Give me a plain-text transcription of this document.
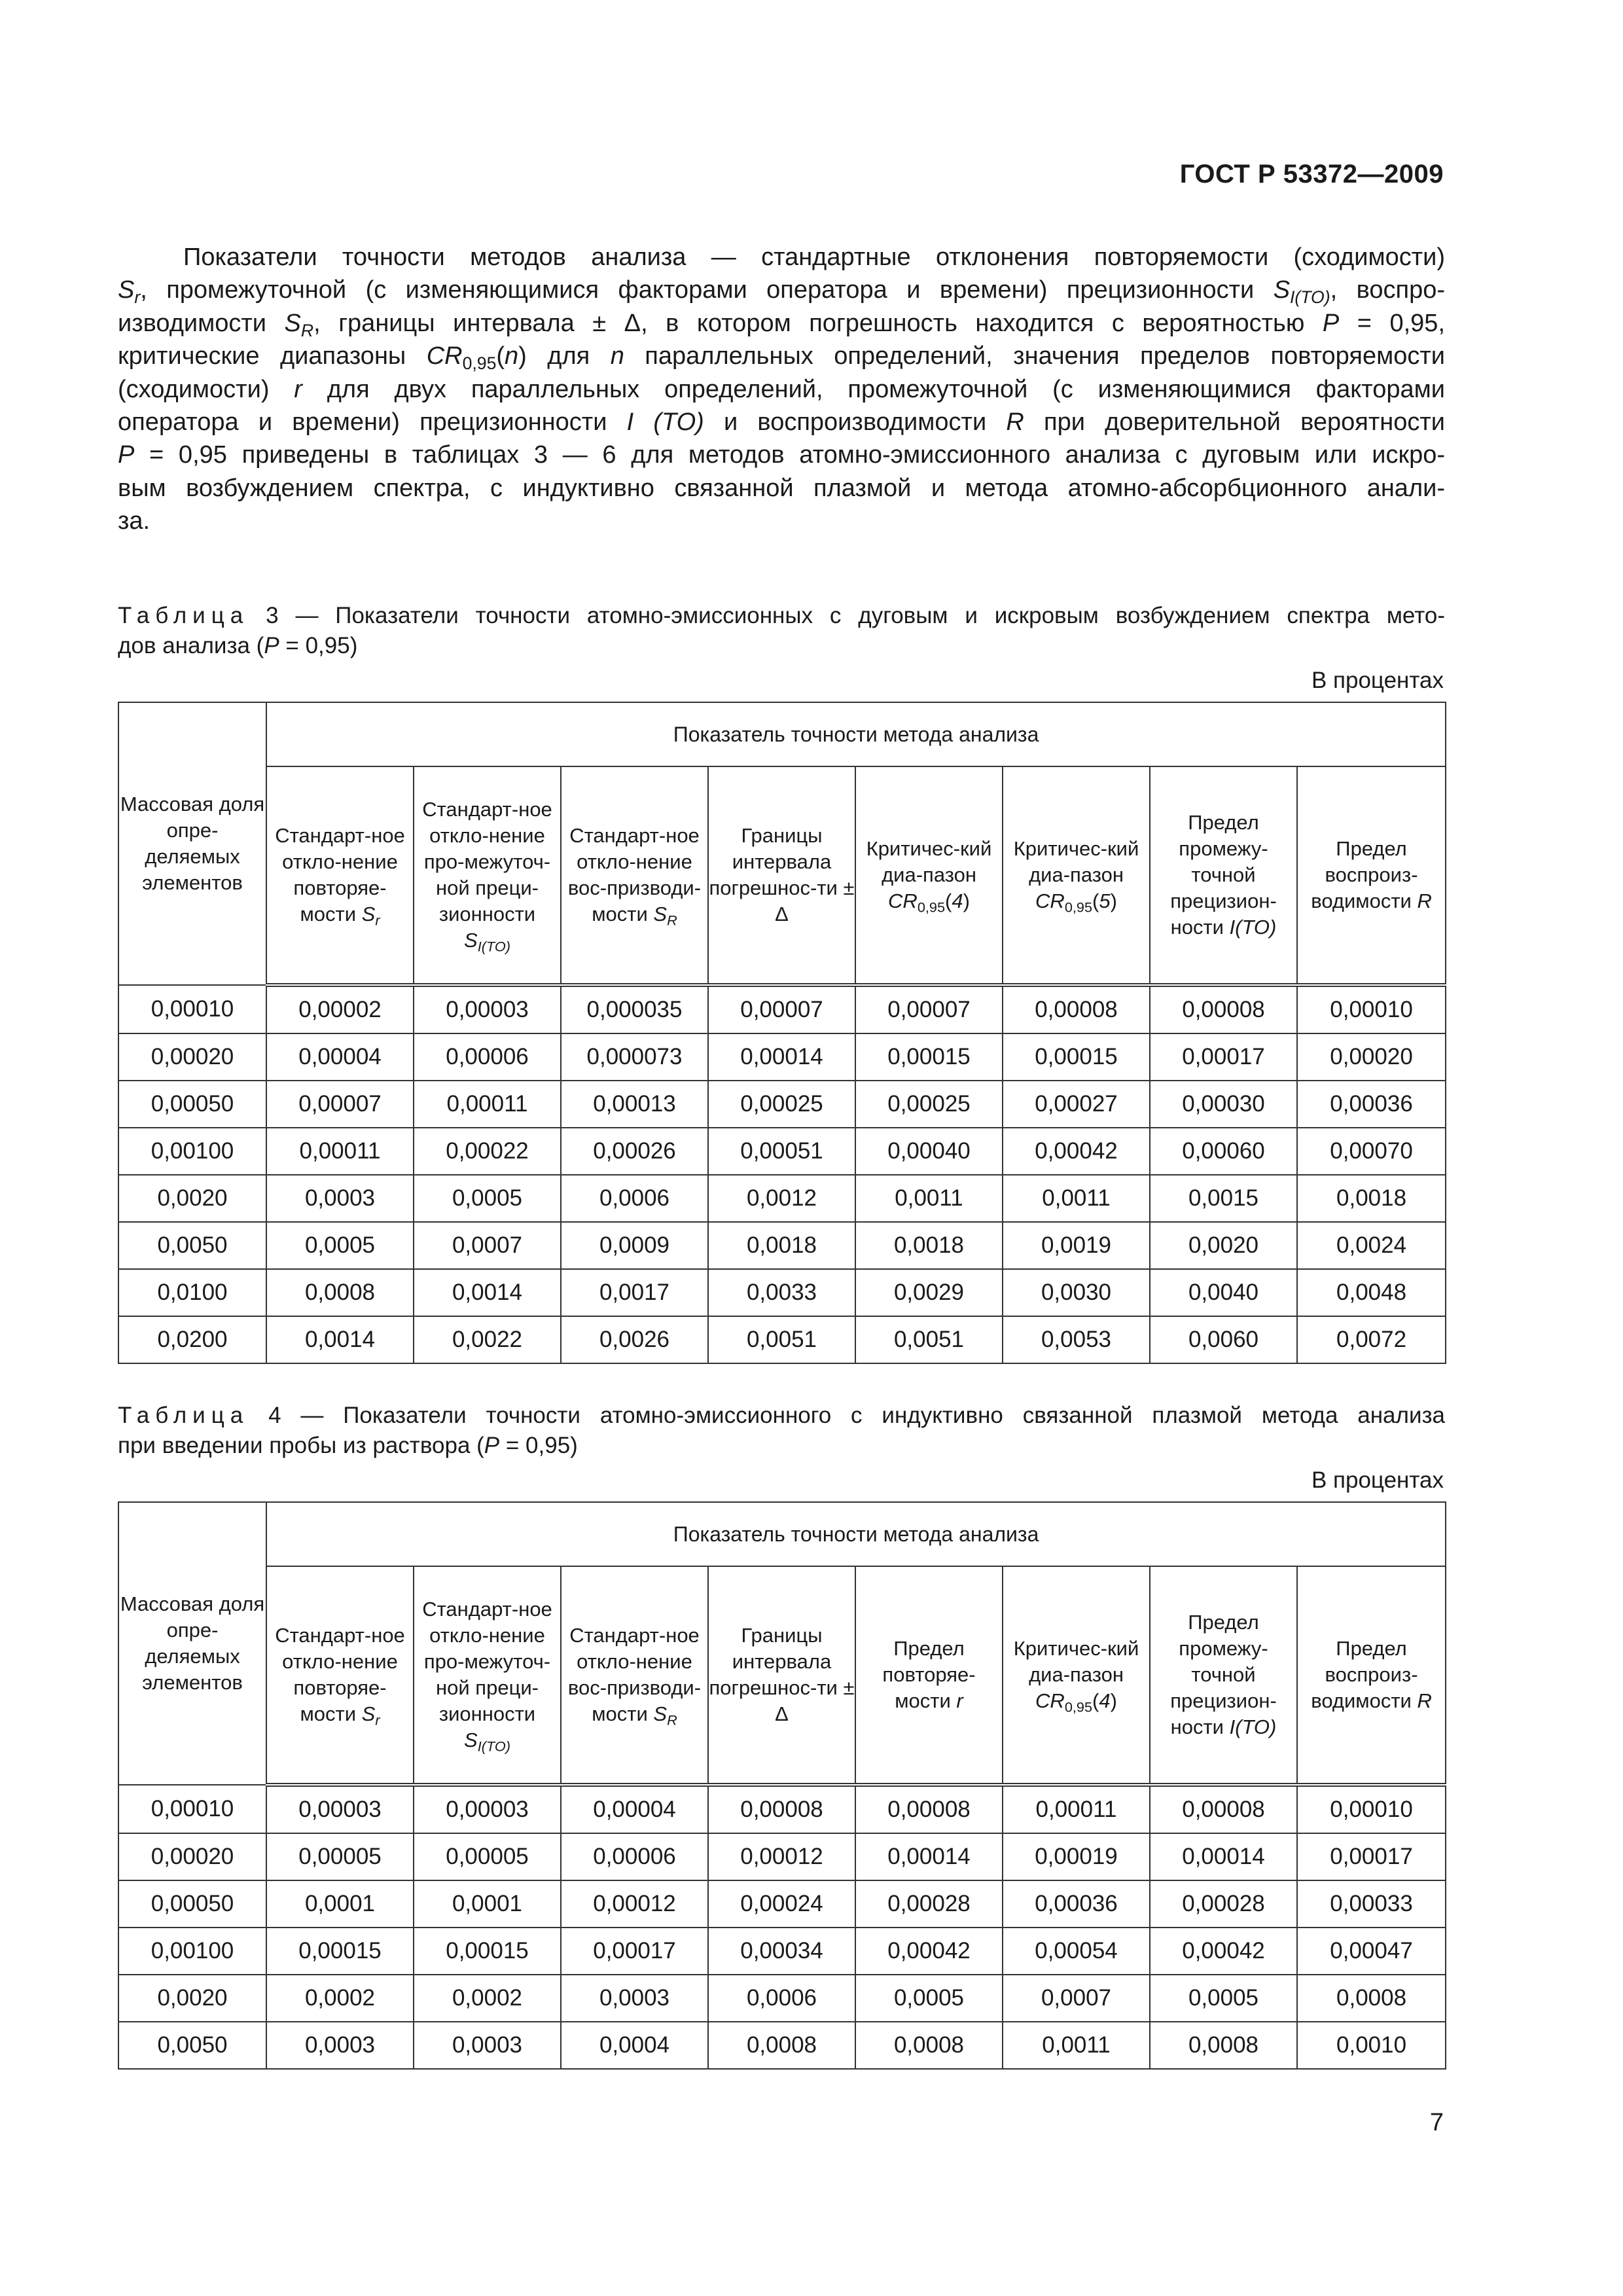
ГОСТ Р 53372—2009
Показатели точности методов анализа — стандартные отклонения повторяемости (сходимости)
$S_r$, промежуточной (с изменяющимися факторами оператора и времени) прецизионности $S_{I(TO)}$, воспро-
изводимости $S_R$, границы интервала ± Δ, в котором погрешность находится с вероятностью P = 0,95,
критические диапазоны $CR_{0,95}(n)$ для n параллельных определений, значения пределов повторяемости
(сходимости) r для двух параллельных определений, промежуточной (с изменяющимися факторами
оператора и времени) прецизионности I (TO) и воспроизводимости R при доверительной вероятности
P = 0,95 приведены в таблицах 3 — 6 для методов атомно-эмиссионного анализа с дуговым или искро-
вым возбуждением спектра, с индуктивно связанной плазмой и метода атомно-абсорбционного анали-
за.
Таблица 3 — Показатели точности атомно-эмиссионных с дуговым и искровым возбуждением спектра мето-
дов анализа (P = 0,95)
В процентах
Массовая доля опре-деляемых элементов	Показатель точности метода анализа							
	Стандарт-ное откло-нение повторяе-мости $S_r$	Стандарт-ное откло-нение про-межуточ-ной преци-зионности $S_{I(TO)}$	Стандарт-ное откло-нение вос-призводи-мости $S_R$	Границы интервала погрешнос-ти ± Δ	Критичес-кий диа-пазон $CR_{0,95}(4)$	Критичес-кий диа-пазон $CR_{0,95}(5)$	Предел промежу-точной прецизион-ности I(TO)	Предел воспроиз-водимости R
0,00010	0,00002	0,00003	0,000035	0,00007	0,00007	0,00008	0,00008	0,00010
0,00020	0,00004	0,00006	0,000073	0,00014	0,00015	0,00015	0,00017	0,00020
0,00050	0,00007	0,00011	0,00013	0,00025	0,00025	0,00027	0,00030	0,00036
0,00100	0,00011	0,00022	0,00026	0,00051	0,00040	0,00042	0,00060	0,00070
0,0020	0,0003	0,0005	0,0006	0,0012	0,0011	0,0011	0,0015	0,0018
0,0050	0,0005	0,0007	0,0009	0,0018	0,0018	0,0019	0,0020	0,0024
0,0100	0,0008	0,0014	0,0017	0,0033	0,0029	0,0030	0,0040	0,0048
0,0200	0,0014	0,0022	0,0026	0,0051	0,0051	0,0053	0,0060	0,0072
Таблица 4 — Показатели точности атомно-эмиссионного с индуктивно связанной плазмой метода анализа
при введении пробы из раствора (P = 0,95)
В процентах
Массовая доля опре-деляемых элементов	Показатель точности метода анализа							
	Стандарт-ное откло-нение повторяе-мости $S_r$	Стандарт-ное откло-нение про-межуточ-ной преци-зионности $S_{I(TO)}$	Стандарт-ное откло-нение вос-призводи-мости $S_R$	Границы интервала погрешнос-ти ± Δ	Предел повторяе-мости r	Критичес-кий диа-пазон $CR_{0,95}(4)$	Предел промежу-точной прецизион-ности I(TO)	Предел воспроиз-водимости R
0,00010	0,00003	0,00003	0,00004	0,00008	0,00008	0,00011	0,00008	0,00010
0,00020	0,00005	0,00005	0,00006	0,00012	0,00014	0,00019	0,00014	0,00017
0,00050	0,0001	0,0001	0,00012	0,00024	0,00028	0,00036	0,00028	0,00033
0,00100	0,00015	0,00015	0,00017	0,00034	0,00042	0,00054	0,00042	0,00047
0,0020	0,0002	0,0002	0,0003	0,0006	0,0005	0,0007	0,0005	0,0008
0,0050	0,0003	0,0003	0,0004	0,0008	0,0008	0,0011	0,0008	0,0010
7
